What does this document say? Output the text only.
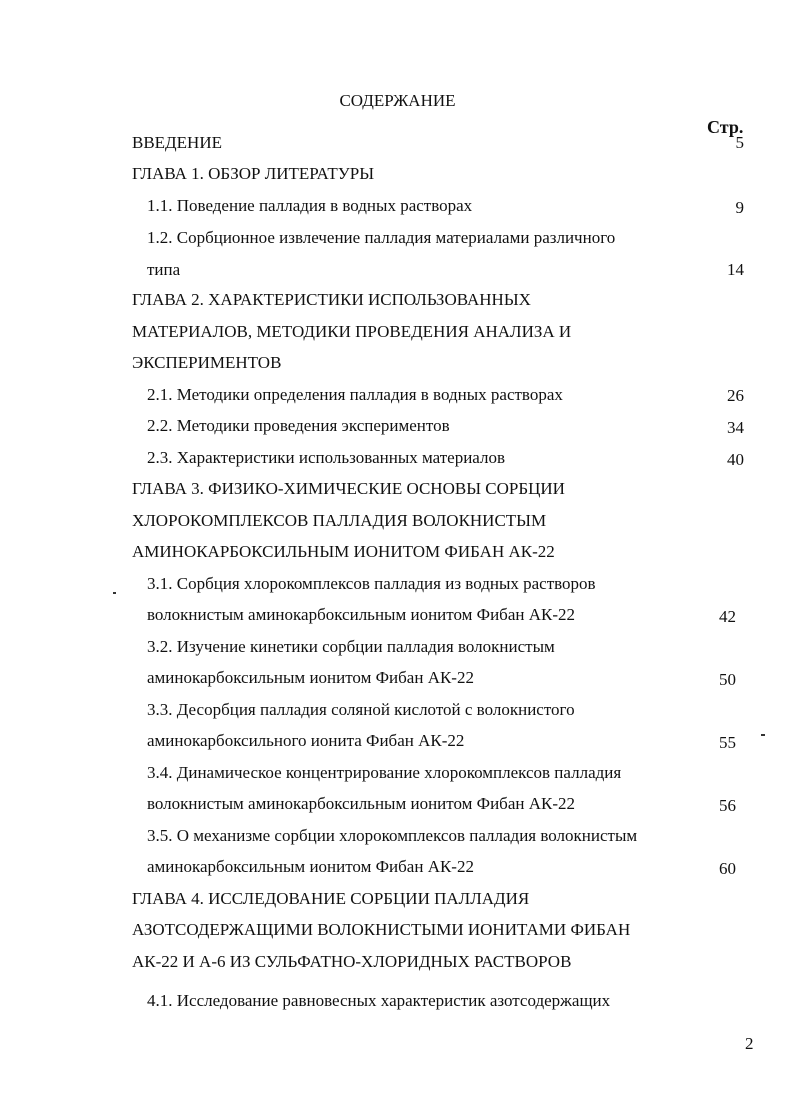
СОДЕРЖАНИЕ
Стр.
ВВЕДЕНИЕ	5
ГЛАВА 1. ОБЗОР ЛИТЕРАТУРЫ
1.1. Поведение палладия в водных растворах	9
1.2. Сорбционное извлечение палладия материалами различного
типа	14
ГЛАВА 2. ХАРАКТЕРИСТИКИ ИСПОЛЬЗОВАННЫХ
МАТЕРИАЛОВ, МЕТОДИКИ ПРОВЕДЕНИЯ АНАЛИЗА И
ЭКСПЕРИМЕНТОВ
2.1. Методики определения палладия в водных растворах	26
2.2. Методики проведения экспериментов	34
2.3. Характеристики использованных материалов	40
ГЛАВА 3. ФИЗИКО-ХИМИЧЕСКИЕ ОСНОВЫ СОРБЦИИ
ХЛОРОКОМПЛЕКСОВ ПАЛЛАДИЯ ВОЛОКНИСТЫМ
АМИНОКАРБОКСИЛЬНЫМ ИОНИТОМ ФИБАН АК-22
3.1. Сорбция хлорокомплексов палладия из водных растворов
волокнистым аминокарбоксильным ионитом Фибан АК-22	42
3.2. Изучение кинетики сорбции палладия волокнистым
аминокарбоксильным ионитом Фибан АК-22	50
3.3. Десорбция палладия соляной кислотой с волокнистого
аминокарбоксильного ионита Фибан АК-22	55
3.4. Динамическое концентрирование хлорокомплексов палладия
волокнистым аминокарбоксильным ионитом Фибан АК-22	56
3.5. О механизме сорбции хлорокомплексов палладия волокнистым
аминокарбоксильным ионитом Фибан АК-22	60
ГЛАВА 4. ИССЛЕДОВАНИЕ СОРБЦИИ ПАЛЛАДИЯ
АЗОТСОДЕРЖАЩИМИ ВОЛОКНИСТЫМИ ИОНИТАМИ ФИБАН
АК-22 И А-6 ИЗ СУЛЬФАТНО-ХЛОРИДНЫХ РАСТВОРОВ
4.1. Исследование равновесных характеристик азотсодержащих
2
